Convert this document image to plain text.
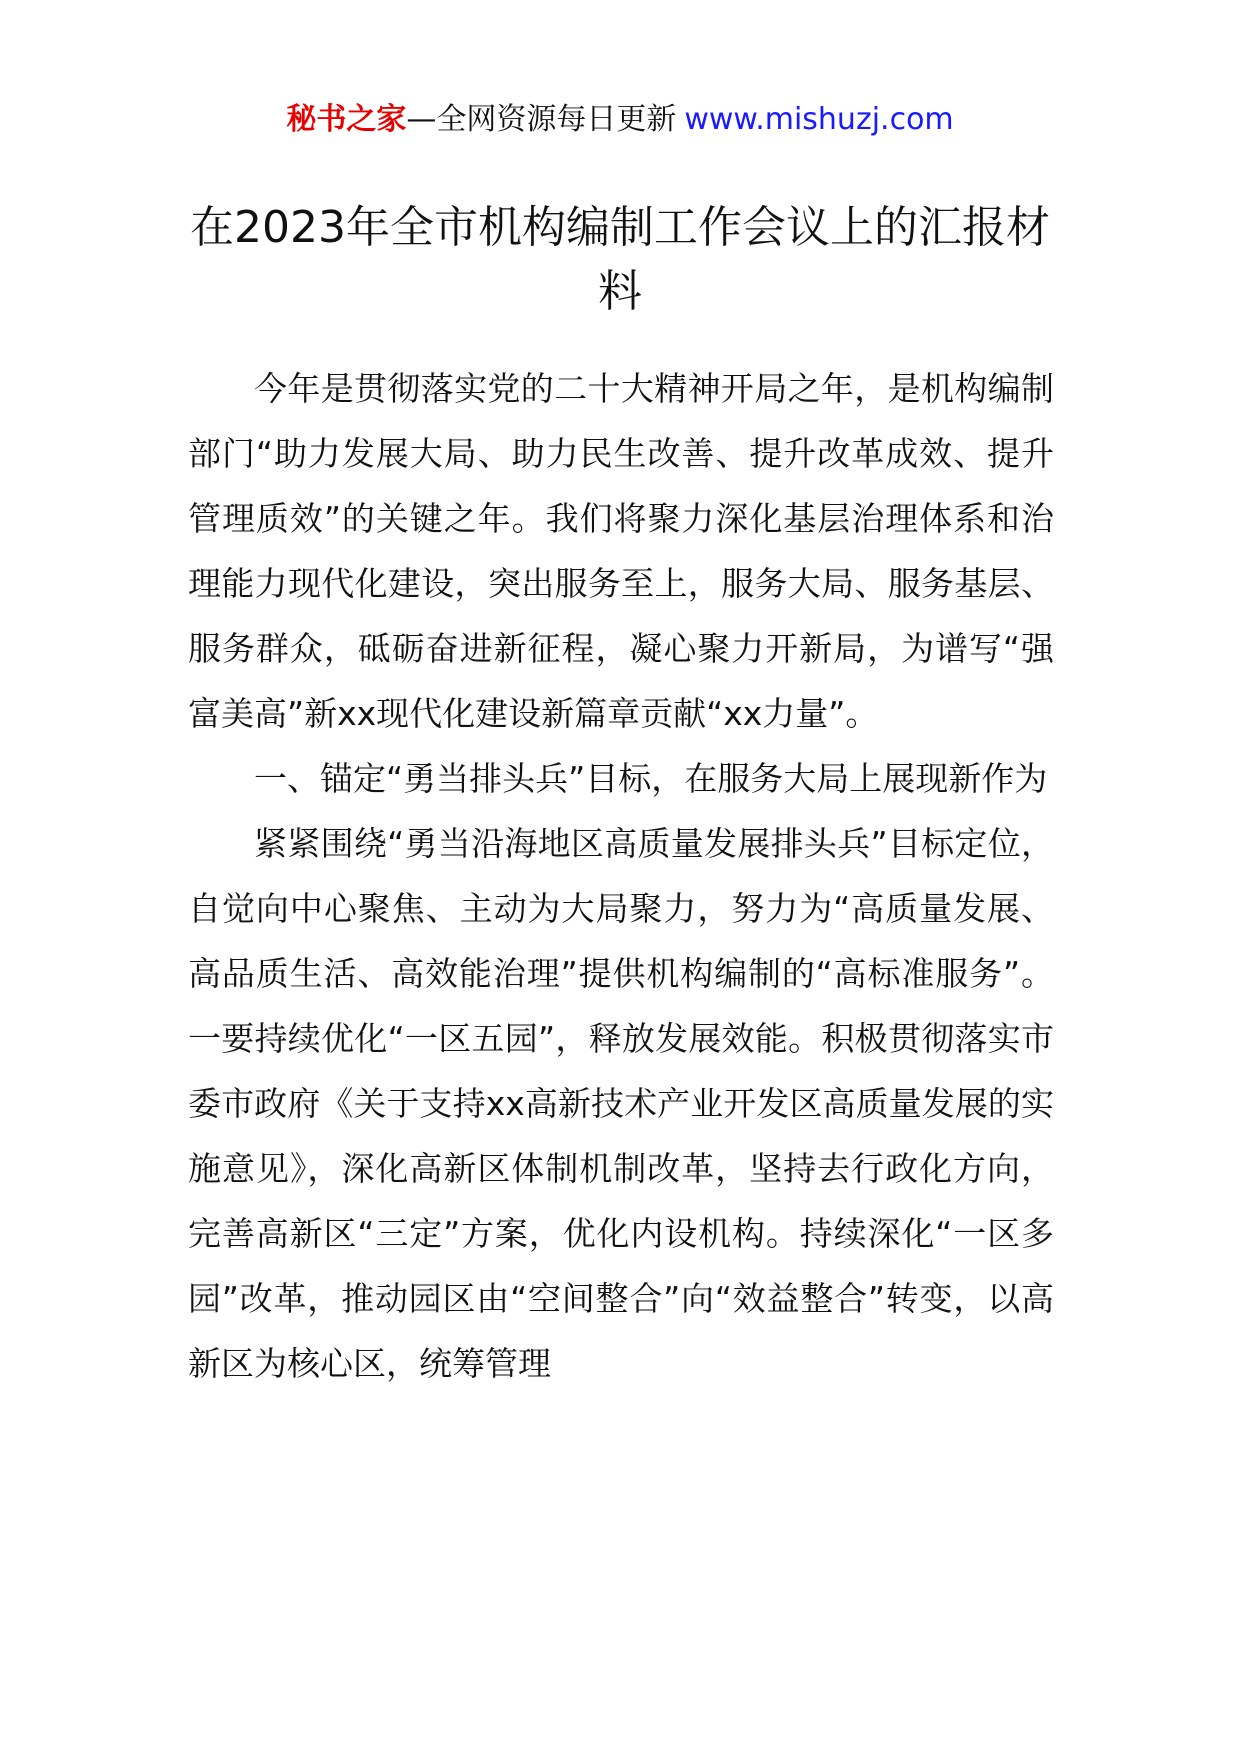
秘书之家—全网资源每日更新 www.mishuzj.com
在2023年全市机构编制工作会议上的汇报材料

今年是贯彻落实党的二十大精神开局之年，是机构编制部门“助力发展大局、助力民生改善、提升改革成效、提升管理质效”的关键之年。我们将聚力深化基层治理体系和治理能力现代化建设，突出服务至上，服务大局、服务基层、服务群众，砥砺奋进新征程，凝心聚力开新局，为谱写“强富美高”新xx现代化建设新篇章贡献“xx力量”。

一、锚定“勇当排头兵”目标，在服务大局上展现新作为

紧紧围绕“勇当沿海地区高质量发展排头兵”目标定位，自觉向中心聚焦、主动为大局聚力，努力为“高质量发展、高品质生活、高效能治理”提供机构编制的“高标准服务”。一要持续优化“一区五园”，释放发展效能。积极贯彻落实市委市政府《关于支持xx高新技术产业开发区高质量发展的实施意见》，深化高新区体制机制改革，坚持去行政化方向，完善高新区“三定”方案，优化内设机构。持续深化“一区多园”改革，推动园区由“空间整合”向“效益整合”转变，以高新区为核心区，统筹管理
